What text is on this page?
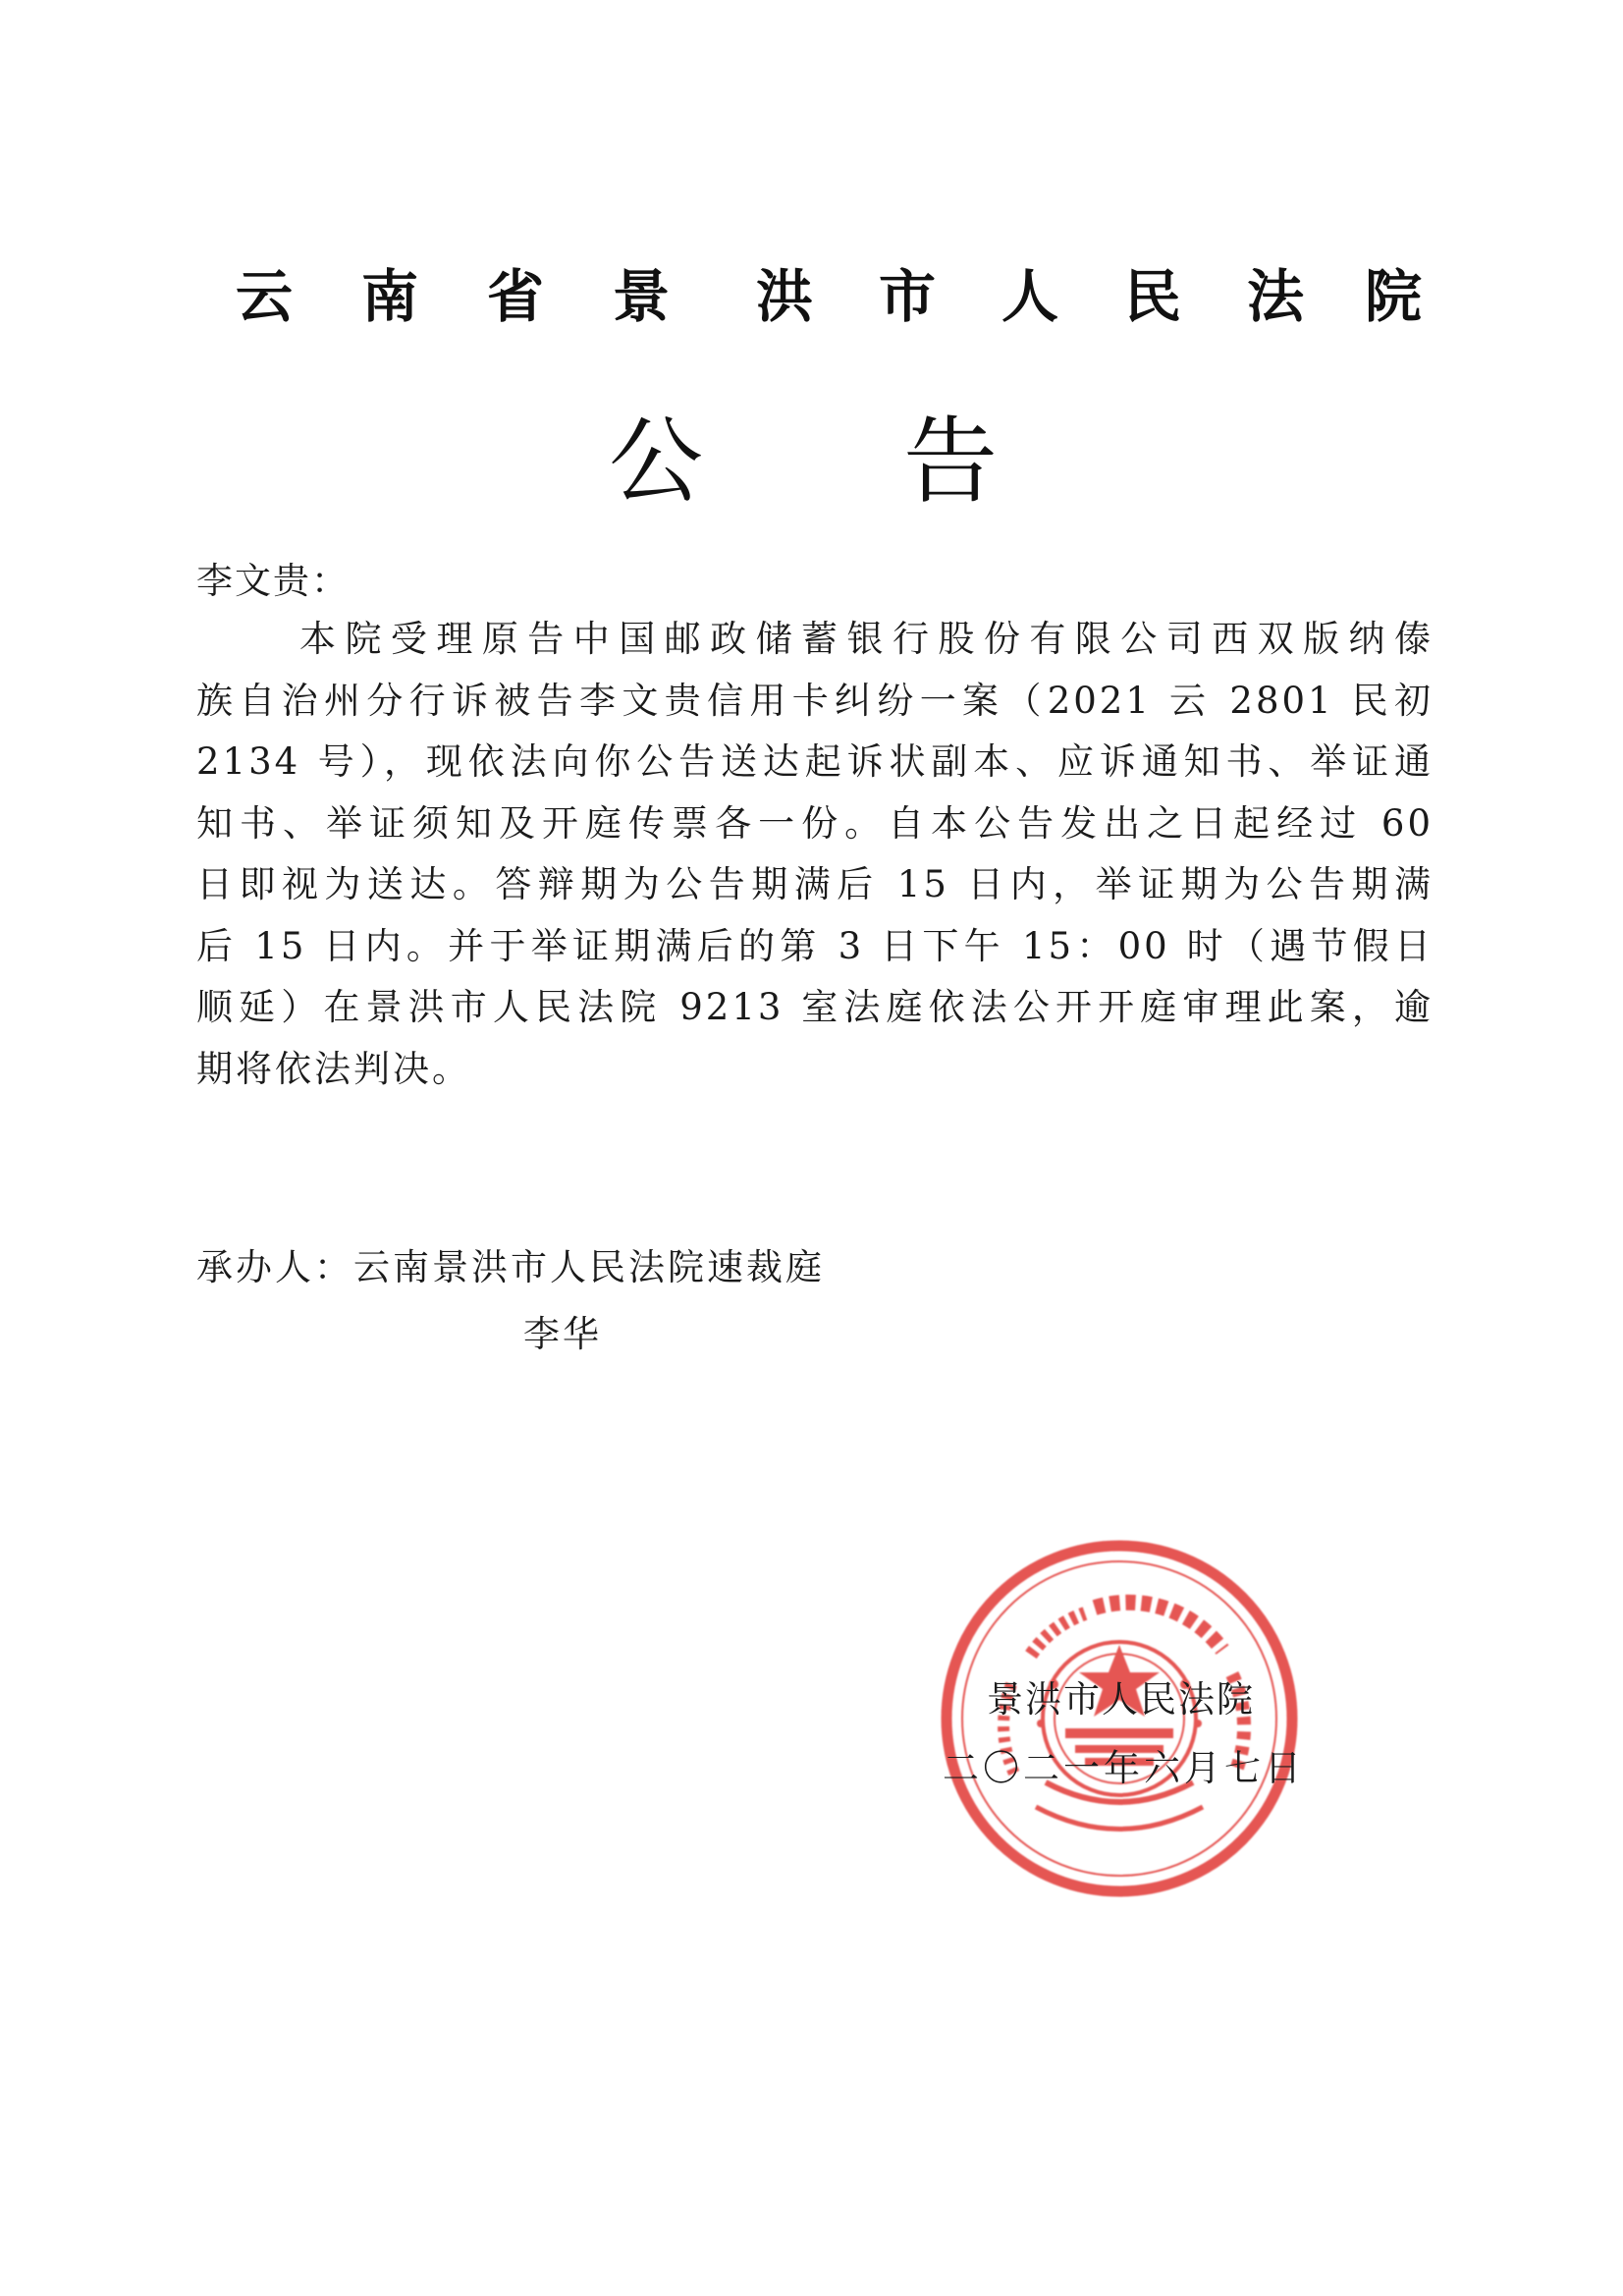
云 南 省 景 洪 市 人 民 法 院
公 告
李文贵：
本院受理原告中国邮政储蓄银行股份有限公司西双版纳傣
族自治州分行诉被告李文贵信用卡纠纷一案（2021 云 2801 民初
2134 号），现依法向你公告送达起诉状副本、应诉通知书、举证通
知书、举证须知及开庭传票各一份。自本公告发出之日起经过 60
日即视为送达。答辩期为公告期满后 15 日内，举证期为公告期满
后 15 日内。并于举证期满后的第 3 日下午 15：00 时（遇节假日
顺延）在景洪市人民法院 9213 室法庭依法公开开庭审理此案，逾
期将依法判决。
承办人：云南景洪市人民法院速裁庭
李华
景洪市人民法院
二〇二一年六月七日
